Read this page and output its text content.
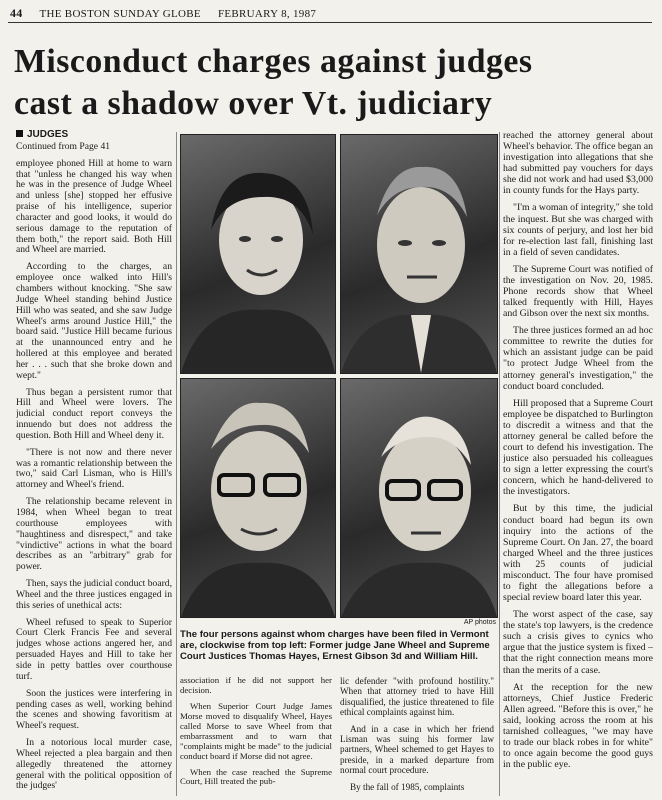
44 THE BOSTON SUNDAY GLOBE FEBRUARY 8, 1987
Misconduct charges against judges
cast a shadow over Vt. judiciary
JUDGES

Continued from Page 41

employee phoned Hill at home to warn that "unless he changed his way when he was in the presence of Judge Wheel and unless [she] stopped her effusive praise of his intelligence, superior character and good looks, it would do serious damage to the reputation of them both," the report said. Both Hill and Wheel are married.

According to the charges, an employee once walked into Hill's chambers without knocking. "She saw Judge Wheel standing behind Justice Hill who was seated, and she saw Judge Wheel's arms around Justice Hill," the board said. "Justice Hill became furious at the unannounced entry and he hollered at this employee and berated her . . . such that she broke down and wept."

Thus began a persistent rumor that Hill and Wheel were lovers. The judicial conduct report conveys the innuendo but does not address the question. Both Hill and Wheel deny it.

"There is not now and there never was a romantic relationship between the two," said Carl Lisman, who is Hill's attorney and Wheel's friend.

The relationship became relevent in 1984, when Wheel began to treat courthouse employees with "haughtiness and disrespect," and take "vindictive" actions in what the board describes as an "arbitrary" grab for power.

Then, says the judicial conduct board, Wheel and the three justices engaged in this series of unethical acts:

Wheel refused to speak to Superior Court Clerk Francis Fee and several judges whose actions angered her, and persuaded Hayes and Hill to take her side in petty battles over courthouse turf.

Soon the justices were interfering in pending cases as well, working behind the scenes and showing favoritism at Wheel's request.

In a notorious local murder case, Wheel rejected a plea bargain and then allegedly threatened the attorney general with the political opposition of the judges'

AP photos
The four persons against whom charges have been filed in Vermont are, clockwise from top left: Former judge Jane Wheel and Supreme Court Justices Thomas Hayes, Ernest Gibson 3d and William Hill.

association if he did not support her decision.

When Superior Court Judge James Morse moved to disqualify Wheel, Hayes called Morse to save Wheel from that embarrassment and to warn that "complaints might be made" to the judicial conduct board if Morse did not agree.

When the case reached the Supreme Court, Hill treated the pub-

lic defender "with profound hostility." When that attorney tried to have Hill disqualified, the justice threatened to file ethical complaints against him.

And in a case in which her friend Lisman was suing his former law partners, Wheel schemed to get Hayes to preside, in a marked departure from normal court procedure.

By the fall of 1985, complaints

reached the attorney general about Wheel's behavior. The office began an investigation into allegations that she had submitted pay vouchers for days she did not work and had used $3,000 in county funds for the Hays party.

"I'm a woman of integrity," she told the inquest. But she was charged with six counts of perjury, and lost her bid for re-election last fall, finishing last in a field of seven candidates.

The Supreme Court was notified of the investigation on Nov. 20, 1985. Phone records show that Wheel talked frequently with Hill, Hayes and Gibson over the next six months.

The three justices formed an ad hoc committee to rewrite the duties for which an assistant judge can be paid "to protect Judge Wheel from the attorney general's investigation," the conduct board concluded.

Hill proposed that a Supreme Court employee be dispatched to Burlington to discredit a witness and that the attorney general be called before the court to defend his investigation. The justice also persuaded his colleagues to sign a letter expressing the court's concern, which he hand-delivered to the investigators.

But by this time, the judicial conduct board had begun its own inquiry into the actions of the Supreme Court. On Jan. 27, the board charged Wheel and the three justices with 25 counts of judicial misconduct. The four have promised to fight the allegations before a special review board later this year.

The worst aspect of the case, say the state's top lawyers, is the credence such a crisis gives to cynics who argue that the justice system is fixed – that the right connection means more than the merits of a case.

At the reception for the new attorneys, Chief Justice Frederic Allen agreed. "Before this is over," he said, looking across the room at his tarnished colleagues, "we may have to trade our black robes in for white" to once again become the good guys in the public eye.
